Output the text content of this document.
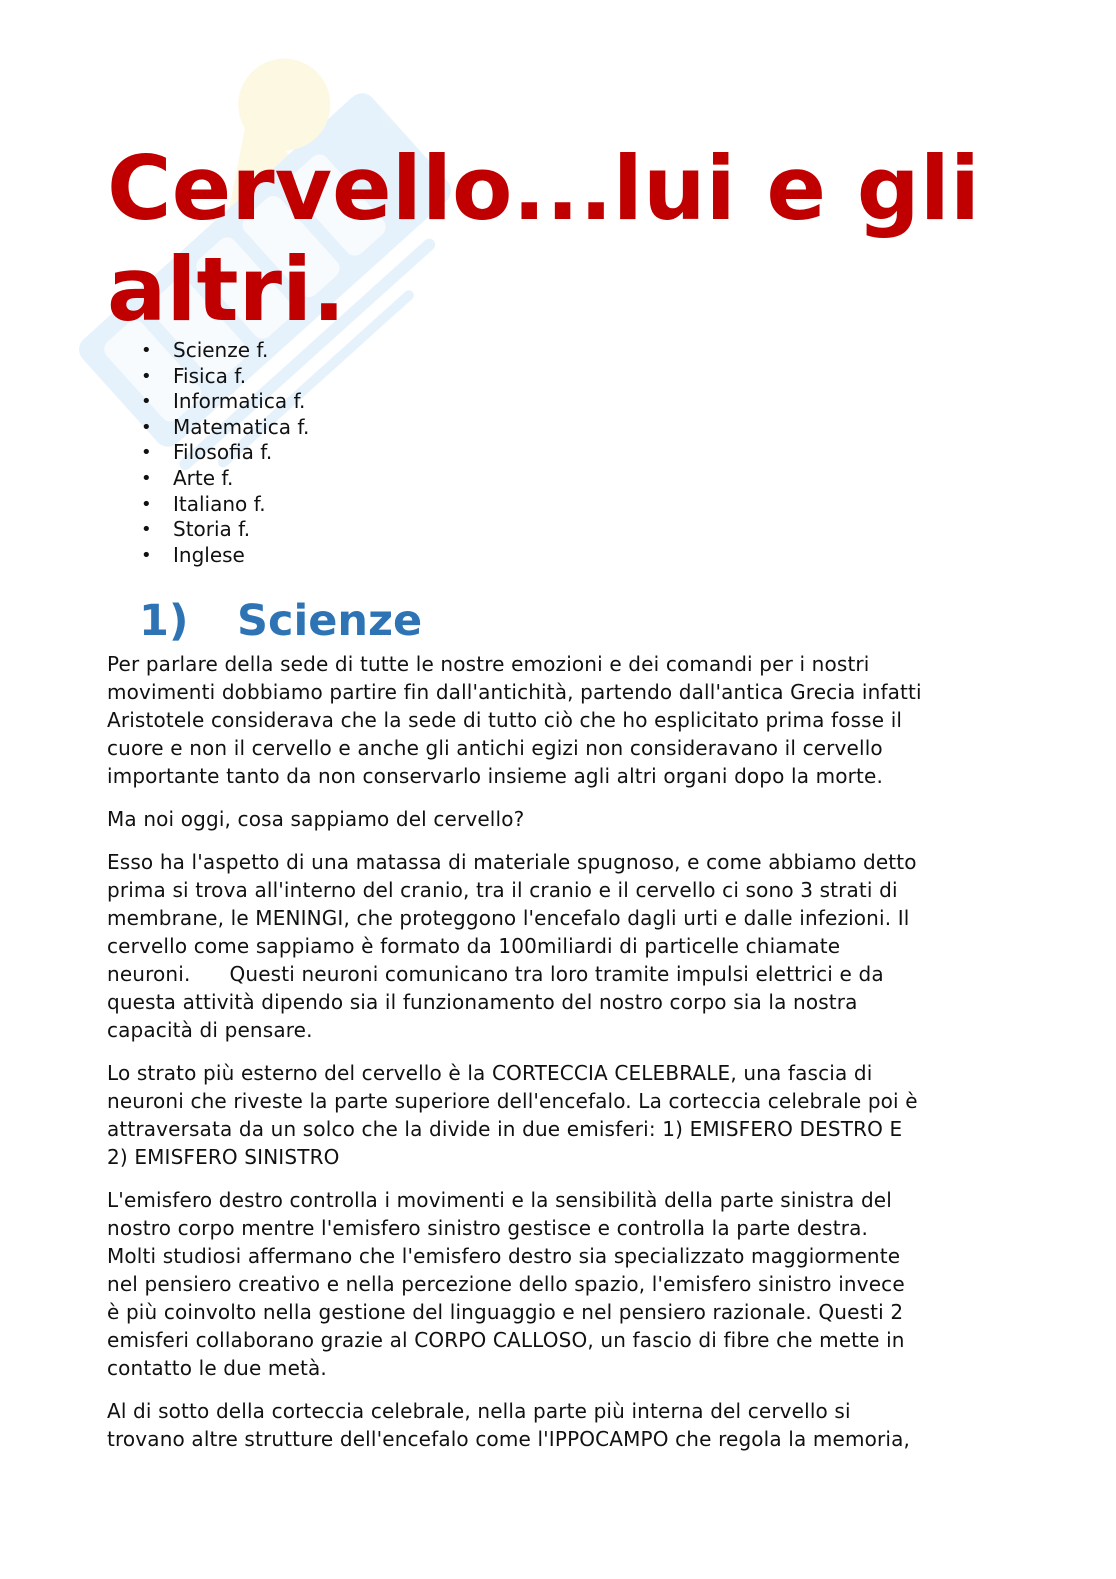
Cervello...lui e gli
altri.
• Scienze f.
• Fisica f.
• Informatica f.
• Matematica f.
• Filosofia f.
• Arte f.
• Italiano f.
• Storia f.
• Inglese
1) Scienze

Per parlare della sede di tutte le nostre emozioni e dei comandi per i nostri
movimenti dobbiamo partire fin dall'antichità, partendo dall'antica Grecia infatti
Aristotele considerava che la sede di tutto ciò che ho esplicitato prima fosse il
cuore e non il cervello e anche gli antichi egizi non consideravano il cervello
importante tanto da non conservarlo insieme agli altri organi dopo la morte.

Ma noi oggi, cosa sappiamo del cervello?

Esso ha l'aspetto di una matassa di materiale spugnoso, e come abbiamo detto
prima si trova all'interno del cranio, tra il cranio e il cervello ci sono 3 strati di
membrane, le MENINGI, che proteggono l'encefalo dagli urti e dalle infezioni. Il
cervello come sappiamo è formato da 100miliardi di particelle chiamate
neuroni.      Questi neuroni comunicano tra loro tramite impulsi elettrici e da
questa attività dipendo sia il funzionamento del nostro corpo sia la nostra
capacità di pensare.

Lo strato più esterno del cervello è la CORTECCIA CELEBRALE, una fascia di
neuroni che riveste la parte superiore dell'encefalo. La corteccia celebrale poi è
attraversata da un solco che la divide in due emisferi: 1) EMISFERO DESTRO E
2) EMISFERO SINISTRO

L'emisfero destro controlla i movimenti e la sensibilità della parte sinistra del
nostro corpo mentre l'emisfero sinistro gestisce e controlla la parte destra.
Molti studiosi affermano che l'emisfero destro sia specializzato maggiormente
nel pensiero creativo e nella percezione dello spazio, l'emisfero sinistro invece
è più coinvolto nella gestione del linguaggio e nel pensiero razionale. Questi 2
emisferi collaborano grazie al CORPO CALLOSO, un fascio di fibre che mette in
contatto le due metà.

Al di sotto della corteccia celebrale, nella parte più interna del cervello si
trovano altre strutture dell'encefalo come l'IPPOCAMPO che regola la memoria,
